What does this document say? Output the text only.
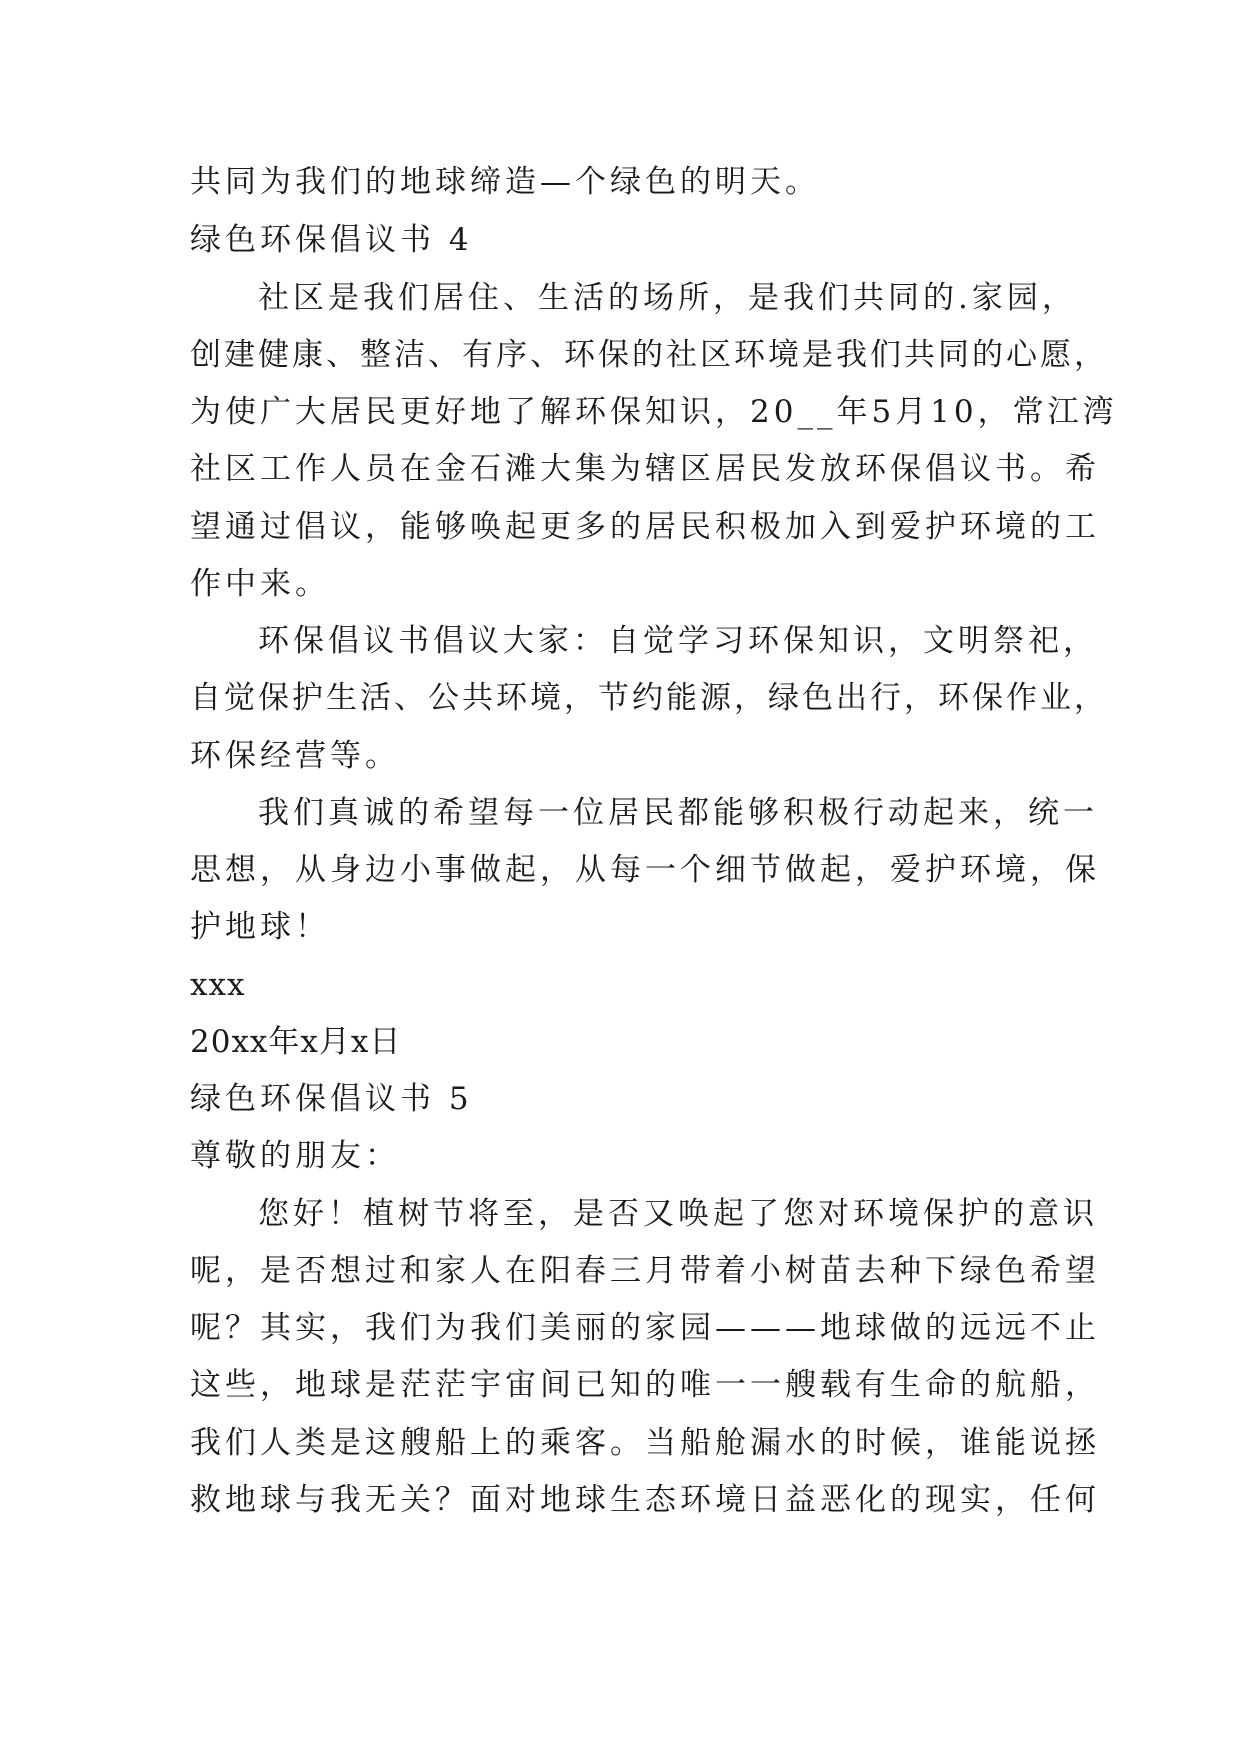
共同为我们的地球缔造—个绿色的明天。
绿色环保倡议书 4
社区是我们居住、生活的场所，是我们共同的.家园，
创建健康、整洁、有序、环保的社区环境是我们共同的心愿，
为使广大居民更好地了解环保知识，20__年5月10，常江湾
社区工作人员在金石滩大集为辖区居民发放环保倡议书。希
望通过倡议，能够唤起更多的居民积极加入到爱护环境的工
作中来。
环保倡议书倡议大家：自觉学习环保知识，文明祭祀，
自觉保护生活、公共环境，节约能源，绿色出行，环保作业，
环保经营等。
我们真诚的希望每一位居民都能够积极行动起来，统一
思想，从身边小事做起，从每一个细节做起，爱护环境，保
护地球！
xxx
20xx年x月x日
绿色环保倡议书 5
尊敬的朋友：
您好！植树节将至，是否又唤起了您对环境保护的意识
呢，是否想过和家人在阳春三月带着小树苗去种下绿色希望
呢？其实，我们为我们美丽的家园———地球做的远远不止
这些，地球是茫茫宇宙间已知的唯一一艘载有生命的航船，
我们人类是这艘船上的乘客。当船舱漏水的时候，谁能说拯
救地球与我无关？面对地球生态环境日益恶化的现实，任何
